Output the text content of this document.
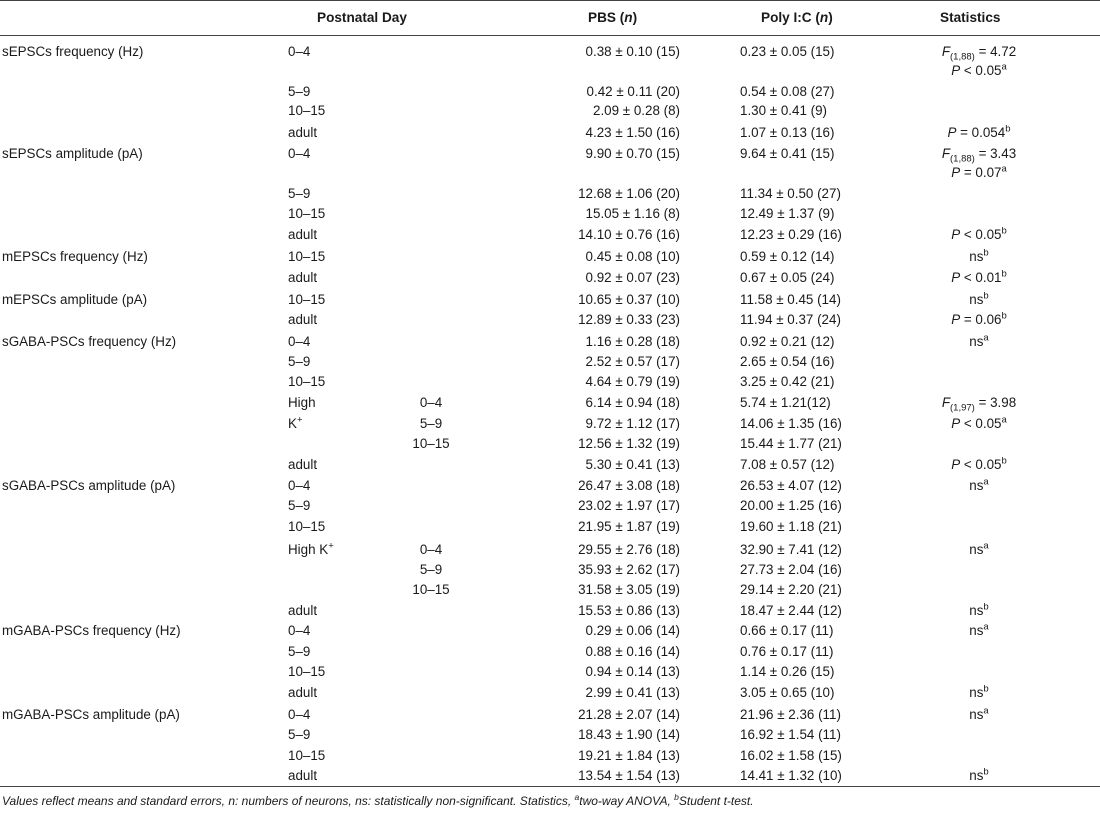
Postnatal Day	PBS (n)	Poly I:C (n)	Statistics
sEPSCs frequency (Hz)	0–4	0.38 ± 0.10 (15)	0.23 ± 0.05 (15)	$F_{(1,88)} = 4.72$
P < 0.05$^a$
5–9	0.42 ± 0.11 (20)	0.54 ± 0.08 (27)
10–15	2.09 ± 0.28 (8)	1.30 ± 0.41 (9)
adult	4.23 ± 1.50 (16)	1.07 ± 0.13 (16)	P = 0.054$^b$
sEPSCs amplitude (pA)	0–4	9.90 ± 0.70 (15)	9.64 ± 0.41 (15)	$F_{(1,88)} = 3.43$
P = 0.07$^a$
5–9	12.68 ± 1.06 (20)	11.34 ± 0.50 (27)
10–15	15.05 ± 1.16 (8)	12.49 ± 1.37 (9)
adult	14.10 ± 0.76 (16)	12.23 ± 0.29 (16)	P < 0.05$^b$
mEPSCs frequency (Hz)	10–15	0.45 ± 0.08 (10)	0.59 ± 0.12 (14)	$ns^b$
adult	0.92 ± 0.07 (23)	0.67 ± 0.05 (24)	P < 0.01$^b$
mEPSCs amplitude (pA)	10–15	10.65 ± 0.37 (10)	11.58 ± 0.45 (14)	$ns^b$
adult	12.89 ± 0.33 (23)	11.94 ± 0.37 (24)	P = 0.06$^b$
sGABA-PSCs frequency (Hz)	0–4	1.16 ± 0.28 (18)	0.92 ± 0.21 (12)	$ns^a$
5–9	2.52 ± 0.57 (17)	2.65 ± 0.54 (16)
10–15	4.64 ± 0.79 (19)	3.25 ± 0.42 (21)
High	0–4	6.14 ± 0.94 (18)	5.74 ± 1.21(12)	$F_{(1,97)} = 3.98$
K+	5–9	9.72 ± 1.12 (17)	14.06 ± 1.35 (16)	P < 0.05$^a$
10–15	12.56 ± 1.32 (19)	15.44 ± 1.77 (21)
adult	5.30 ± 0.41 (13)	7.08 ± 0.57 (12)	P < 0.05$^b$
sGABA-PSCs amplitude (pA)	0–4	26.47 ± 3.08 (18)	26.53 ± 4.07 (12)	$ns^a$
5–9	23.02 ± 1.97 (17)	20.00 ± 1.25 (16)
10–15	21.95 ± 1.87 (19)	19.60 ± 1.18 (21)
High K+	0–4	29.55 ± 2.76 (18)	32.90 ± 7.41 (12)	$ns^a$
5–9	35.93 ± 2.62 (17)	27.73 ± 2.04 (16)
10–15	31.58 ± 3.05 (19)	29.14 ± 2.20 (21)
adult	15.53 ± 0.86 (13)	18.47 ± 2.44 (12)	$ns^b$
mGABA-PSCs frequency (Hz)	0–4	0.29 ± 0.06 (14)	0.66 ± 0.17 (11)	$ns^a$
5–9	0.88 ± 0.16 (14)	0.76 ± 0.17 (11)
10–15	0.94 ± 0.14 (13)	1.14 ± 0.26 (15)
adult	2.99 ± 0.41 (13)	3.05 ± 0.65 (10)	$ns^b$
mGABA-PSCs amplitude (pA)	0–4	21.28 ± 2.07 (14)	21.96 ± 2.36 (11)	$ns^a$
5–9	18.43 ± 1.90 (14)	16.92 ± 1.54 (11)
10–15	19.21 ± 1.84 (13)	16.02 ± 1.58 (15)
adult	13.54 ± 1.54 (13)	14.41 ± 1.32 (10)	$ns^b$
Values reflect means and standard errors, n: numbers of neurons, ns: statistically non-significant. Statistics, $^a$two-way ANOVA, $^b$Student t-test.
